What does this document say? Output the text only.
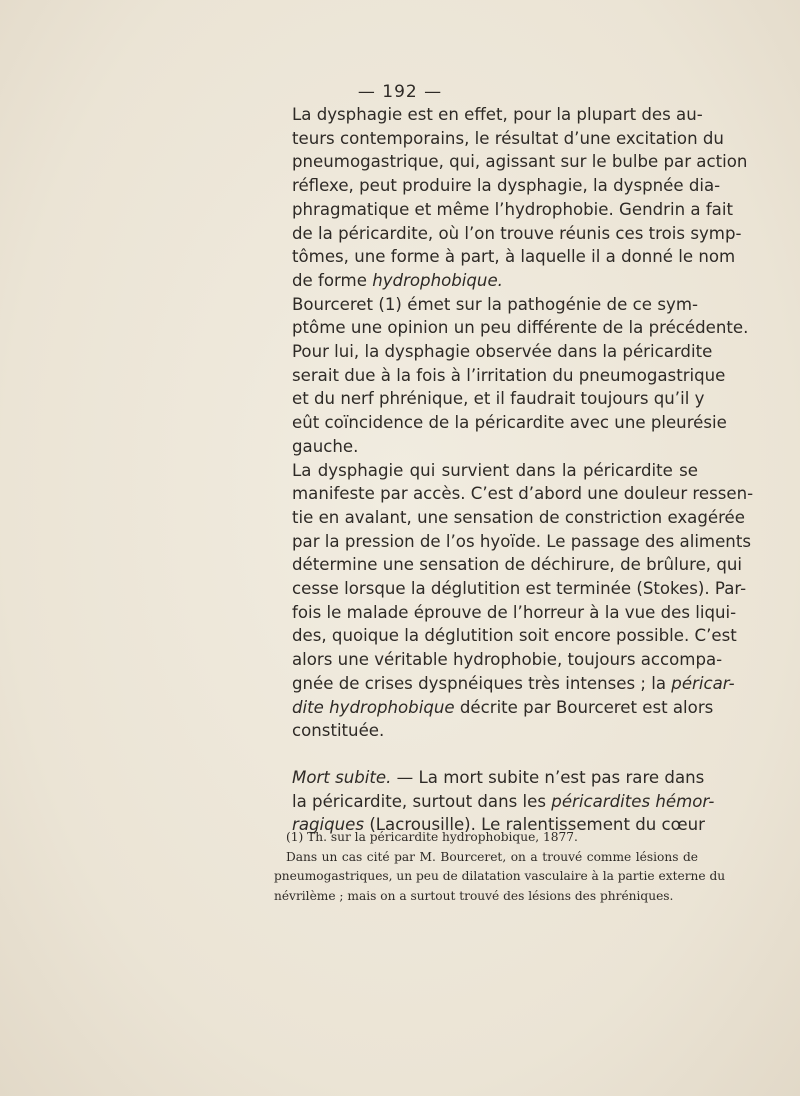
— 192 —

La dysphagie est en effet, pour la plupart des au-
teurs contemporains, le résultat d’une excitation du
pneumogastrique, qui, agissant sur le bulbe par action
réflexe, peut produire la dysphagie, la dyspnée dia-
phragmatique et même l’hydrophobie. Gendrin a fait
de la péricardite, où l’on trouve réunis ces trois symp-
tômes, une forme à part, à laquelle il a donné le nom
de forme hydrophobique.

Bourceret (1) émet sur la pathogénie de ce sym-
ptôme une opinion un peu différente de la précédente.
Pour lui, la dysphagie observée dans la péricardite
serait due à la fois à l’irritation du pneumogastrique
et du nerf phrénique, et il faudrait toujours qu’il y
eût coïncidence de la péricardite avec une pleurésie
gauche.

La dysphagie qui survient dans la péricardite se
manifeste par accès. C’est d’abord une douleur ressen-
tie en avalant, une sensation de constriction exagérée
par la pression de l’os hyoïde. Le passage des aliments
détermine une sensation de déchirure, de brûlure, qui
cesse lorsque la déglutition est terminée (Stokes). Par-
fois le malade éprouve de l’horreur à la vue des liqui-
des, quoique la déglutition soit encore possible. C’est
alors une véritable hydrophobie, toujours accompa-
gnée de crises dyspnéiques très intenses ; la péricar-
dite hydrophobique décrite par Bourceret est alors
constituée.

Mort subite. — La mort subite n’est pas rare dans
la péricardite, surtout dans les péricardites hémor-
ragiques (Lacrousille). Le ralentissement du cœur

(1) Th. sur la péricardite hydrophobique, 1877.
Dans un cas cité par M. Bourceret, on a trouvé comme lésions de
pneumogastriques, un peu de dilatation vasculaire à la partie externe du
névrilème ; mais on a surtout trouvé des lésions des phréniques.
